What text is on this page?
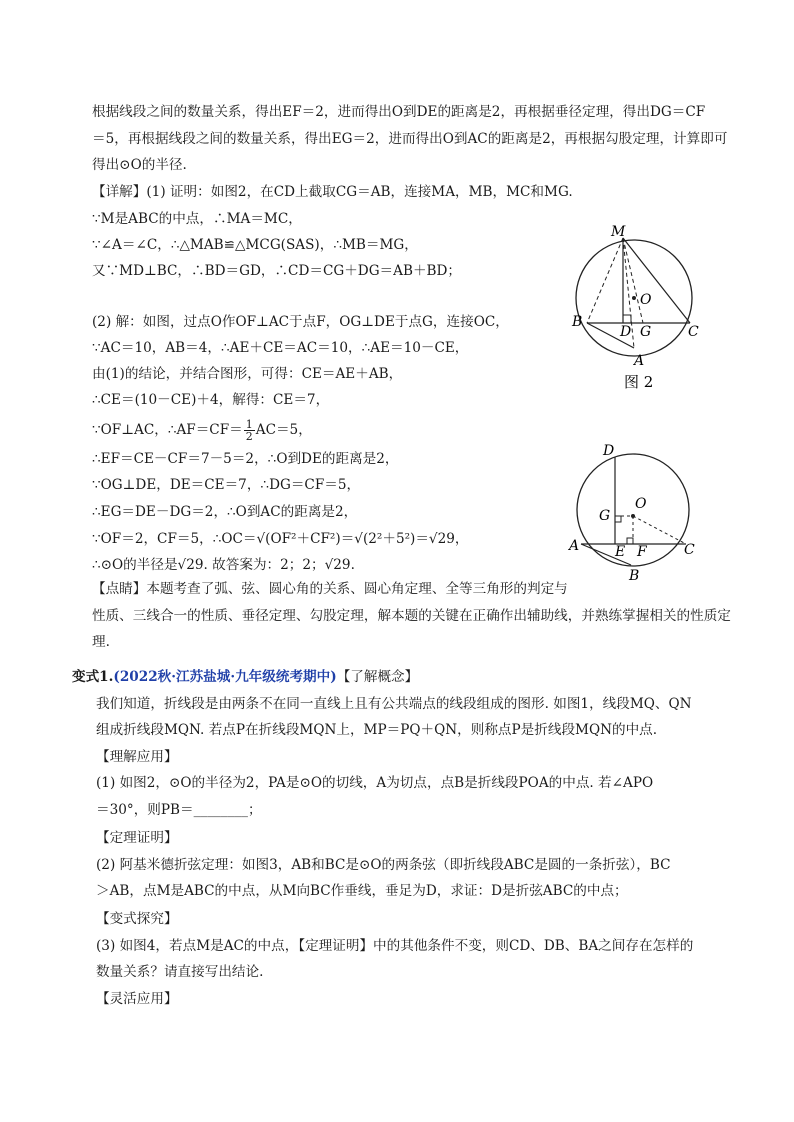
根据线段之间的数量关系，得出EF＝2，进而得出O到DE的距离是2，再根据垂径定理，得出DG＝CF
＝5，再根据线段之间的数量关系，得出EG＝2，进而得出O到AC的距离是2，再根据勾股定理，计算即可
得出⊙O的半径.
【详解】(1) 证明：如图2，在CD上截取CG＝AB，连接MA，MB，MC和MG.
∵M是ABC的中点，∴MA＝MC，
∵∠A＝∠C，∴△MAB≌△MCG(SAS)，∴MB＝MG，
又∵MD⊥BC，∴BD＝GD，∴CD＝CG＋DG＝AB＋BD；
(2) 解：如图，过点O作OF⊥AC于点F，OG⊥DE于点G，连接OC，
∵AC＝10，AB＝4，∴AE＋CE＝AC＝10，∴AE＝10－CE，
由(1)的结论，并结合图形，可得：CE＝AE＋AB，
∴CE＝(10－CE)＋4，解得：CE＝7，
∵OF⊥AC，∴AF＝CF＝ $\frac{1}{2} AC=5$，
∴EF＝CE－CF＝7－5＝2，∴O到DE的距离是2，
∵OG⊥DE，DE＝CE＝7，∴DG＝CF＝5，
∴EG＝DE－DG＝2，∴O到AC的距离是2，
∵OF＝2，CF＝5，∴OC＝√(OF²＋CF²)＝√(2²＋5²)＝√29，
∴⊙O的半径是√29. 故答案为：2；2；√29.
【点睛】本题考查了弧、弦、圆心角的关系、圆心角定理、全等三角形的判定与
性质、三线合一的性质、垂径定理、勾股定理，解本题的关键在正确作出辅助线，并熟练掌握相关的性质定
理.
M
B
D G	C
A
O
图 2
D
O
G
A	E F	C
B
变式1.(2022秋·江苏盐城·九年级统考期中)【了解概念】
我们知道，折线段是由两条不在同一直线上且有公共端点的线段组成的图形. 如图1，线段MQ、QN
组成折线段MQN. 若点P在折线段MQN上，MP＝PQ＋QN，则称点P是折线段MQN的中点.
【理解应用】
(1) 如图2，⊙O的半径为2，PA是⊙O的切线，A为切点，点B是折线段POA的中点. 若∠APO
＝30°，则PB＝________；
【定理证明】
(2) 阿基米德折弦定理：如图3，AB和BC是⊙O的两条弦（即折线段ABC是圆的一条折弦），BC
＞AB，点M是ABC的中点，从M向BC作垂线，垂足为D，求证：D是折弦ABC的中点；
【变式探究】
(3) 如图4，若点M是AC的中点，【定理证明】中的其他条件不变，则CD、DB、BA之间存在怎样的
数量关系？请直接写出结论.
【灵活应用】
